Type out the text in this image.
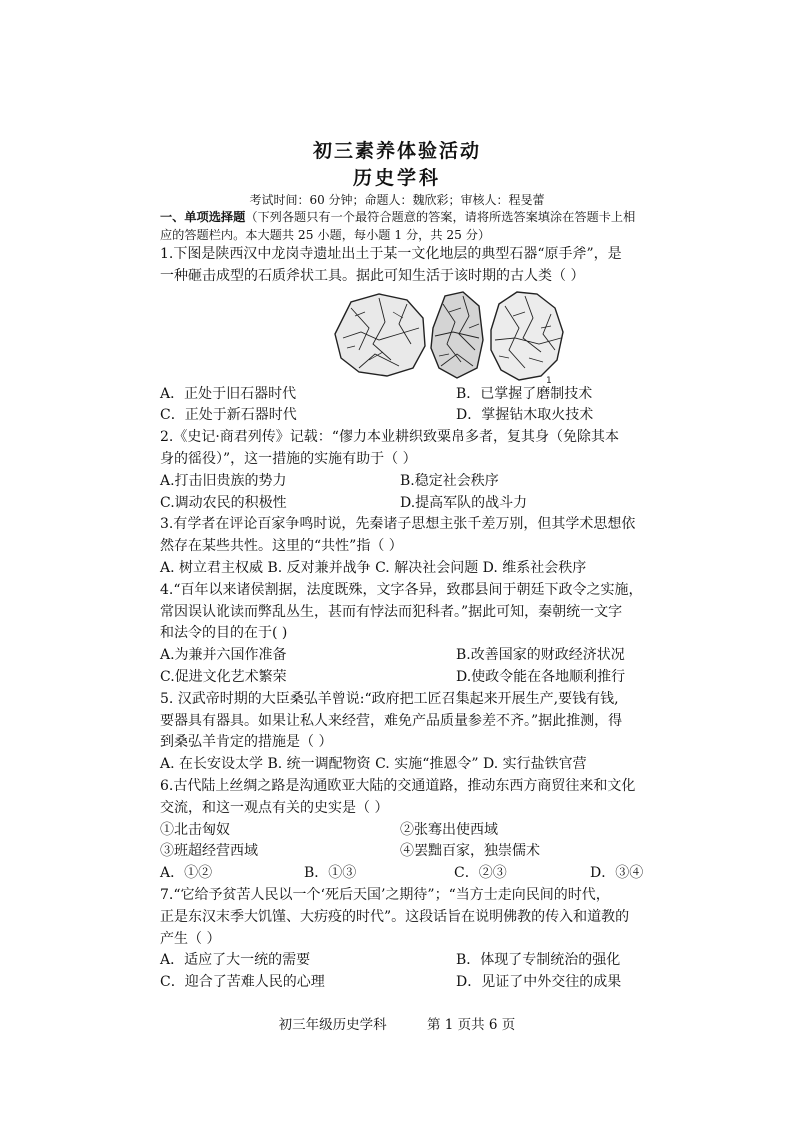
初三素养体验活动
历史学科
考试时间：60 分钟；命题人：魏欣彩；审核人：程旻蕾
一、单项选择题（下列各题只有一个最符合题意的答案，请将所选答案填涂在答题卡上相
应的答题栏内。本大题共 25 小题，每小题 1 分，共 25 分）
1.下图是陕西汉中龙岗寺遗址出土于某一文化地层的典型石器“原手斧”，是
一种砸击成型的石质斧状工具。据此可知生活于该时期的古人类（ ）
1
A．正处于旧石器时代	B．已掌握了磨制技术
C．正处于新石器时代	D．掌握钻木取火技术
2.《史记·商君列传》记载：“僇力本业耕织致粟帛多者，复其身（免除其本
身的徭役）”，这一措施的实施有助于（ ）
A.打击旧贵族的势力	B.稳定社会秩序
C.调动农民的积极性	D.提高军队的战斗力
3.有学者在评论百家争鸣时说，先秦诸子思想主张千差万别，但其学术思想依
然存在某些共性。这里的“共性”指（ ）
A. 树立君主权威 B. 反对兼并战争 C. 解决社会问题 D. 维系社会秩序
4.“百年以来诸侯割据，法度既殊，文字各异，致郡县间于朝廷下政令之实施，
常因误认讹读而弊乱丛生，甚而有悖法而犯科者。”据此可知，秦朝统一文字
和法令的目的在于( )
A.为兼并六国作准备	B.改善国家的财政经济状况
C.促进文化艺术繁荣	D.使政令能在各地顺利推行
5. 汉武帝时期的大臣桑弘羊曾说:“政府把工匠召集起来开展生产,要钱有钱,
要器具有器具。如果让私人来经营，难免产品质量参差不齐。”据此推测，得
到桑弘羊肯定的措施是（ ）
A. 在长安设太学 B. 统一调配物资 C. 实施“推恩令” D. 实行盐铁官营
6.古代陆上丝绸之路是沟通欧亚大陆的交通道路，推动东西方商贸往来和文化
交流，和这一观点有关的史实是（ ）
①北击匈奴	②张骞出使西域
③班超经营西域	④罢黜百家，独崇儒术
A．①②	B．①③	C．②③	D．③④
7.“它给予贫苦人民以一个‘死后天国’之期待”；“当方士走向民间的时代，
正是东汉末季大饥馑、大疠疫的时代”。这段话旨在说明佛教的传入和道教的
产生（ ）
A．适应了大一统的需要	B．体现了专制统治的强化
C．迎合了苦难人民的心理	D．见证了中外交往的成果
初三年级历史学科	第 1 页共 6 页
